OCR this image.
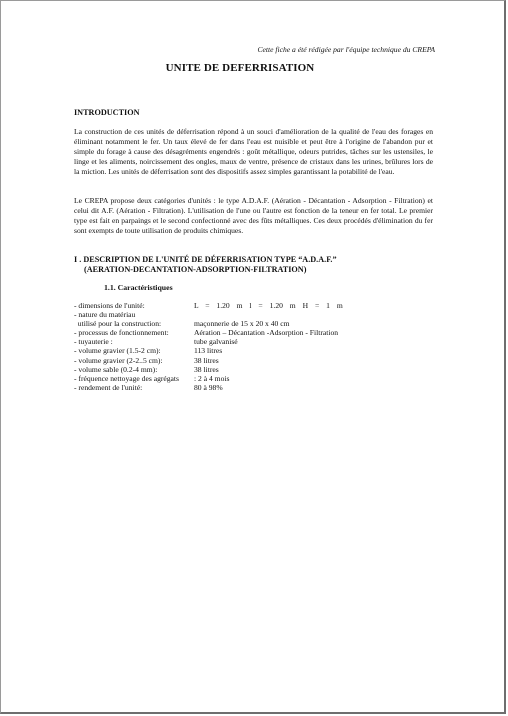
Cette fiche a été rédigée par l'équipe technique du CREPA
UNITE DE DEFERRISATION
INTRODUCTION
La construction de ces unités de déferrisation répond à un souci d'amélioration de la qualité de l'eau des forages en éliminant notamment le fer. Un taux élevé de fer dans l'eau est nuisible et peut être à l'origine de l'abandon pur et simple du forage à cause des désagréments engendrés : goût métallique, odeurs putrides, tâches sur les ustensiles, le linge et les aliments, noircissement des ongles, maux de ventre, présence de cristaux dans les urines, brûlures lors de la miction. Les unités de déferrisation sont des dispositifs assez simples garantissant la potabilité de l'eau.
Le CREPA propose deux catégories d'unités : le type A.D.A.F. (Aération - Décantation - Adsorption - Filtration) et celui dit A.F. (Aération - Filtration). L'utilisation de l'une ou l'autre est fonction de la teneur en fer total. Le premier type est fait en parpaings et le second confectionné avec des fûts métalliques. Ces deux procédés d'élimination du fer sont exempts de toute utilisation de produits chimiques.
I . DESCRIPTION DE L'UNITÉ DE DÉFERRISATION TYPE “A.D.A.F.”
(AERATION-DECANTATION-ADSORPTION-FILTRATION)
1.1. Caractéristiques
- dimensions de l'unité:	L = 1.20 m l = 1.20 m H = 1 m
- nature du matériau
utilisé pour la construction:	maçonnerie de 15 x 20 x 40 cm
- processus de fonctionnement:	Aération – Décantation -Adsorption - Filtration
- tuyauterie :	tube galvanisé
- volume gravier (1.5-2 cm):	113 litres
- volume gravier (2-2..5 cm):	38 litres
- volume sable (0.2-4 mm):	38 litres
- fréquence nettoyage des agrégats : 2 à 4 mois
- rendement de l'unité:	80 à 98%
